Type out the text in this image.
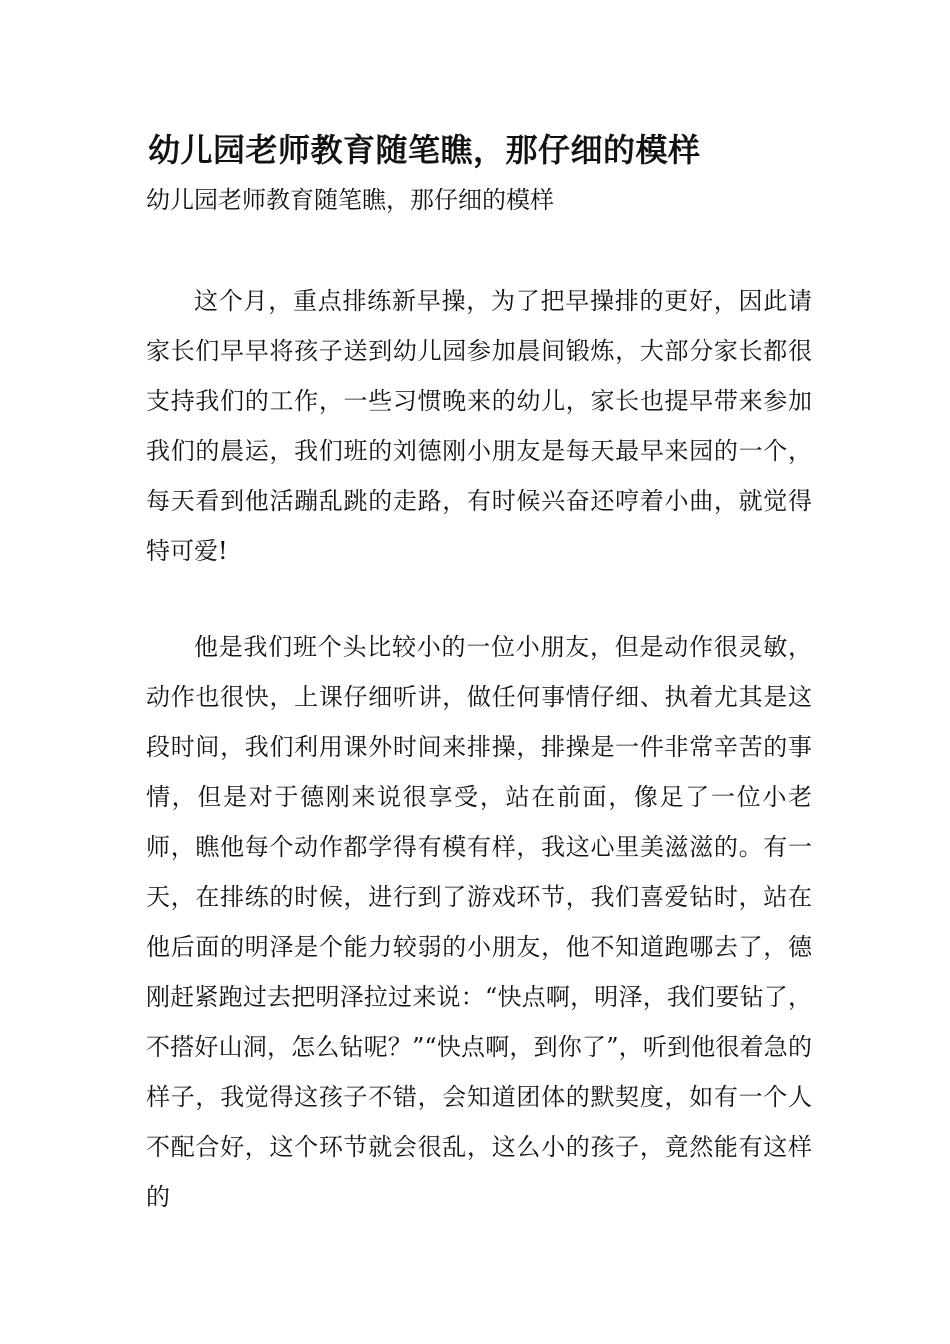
幼儿园老师教育随笔瞧，那仔细的模样
幼儿园老师教育随笔瞧，那仔细的模样

这个月，重点排练新早操，为了把早操排的更好，因此请家长们早早将孩子送到幼儿园参加晨间锻炼，大部分家长都很支持我们的工作，一些习惯晚来的幼儿，家长也提早带来参加我们的晨运，我们班的刘德刚小朋友是每天最早来园的一个，每天看到他活蹦乱跳的走路，有时候兴奋还哼着小曲，就觉得特可爱!

他是我们班个头比较小的一位小朋友，但是动作很灵敏，动作也很快，上课仔细听讲，做任何事情仔细、执着尤其是这段时间，我们利用课外时间来排操，排操是一件非常辛苦的事情，但是对于德刚来说很享受，站在前面，像足了一位小老师，瞧他每个动作都学得有模有样，我这心里美滋滋的。有一天，在排练的时候，进行到了游戏环节，我们喜爱钻时，站在他后面的明泽是个能力较弱的小朋友，他不知道跑哪去了，德刚赶紧跑过去把明泽拉过来说：“快点啊，明泽，我们要钻了，不搭好山洞，怎么钻呢？”“快点啊，到你了”，听到他很着急的样子，我觉得这孩子不错，会知道团体的默契度，如有一个人不配合好，这个环节就会很乱，这么小的孩子，竟然能有这样的
